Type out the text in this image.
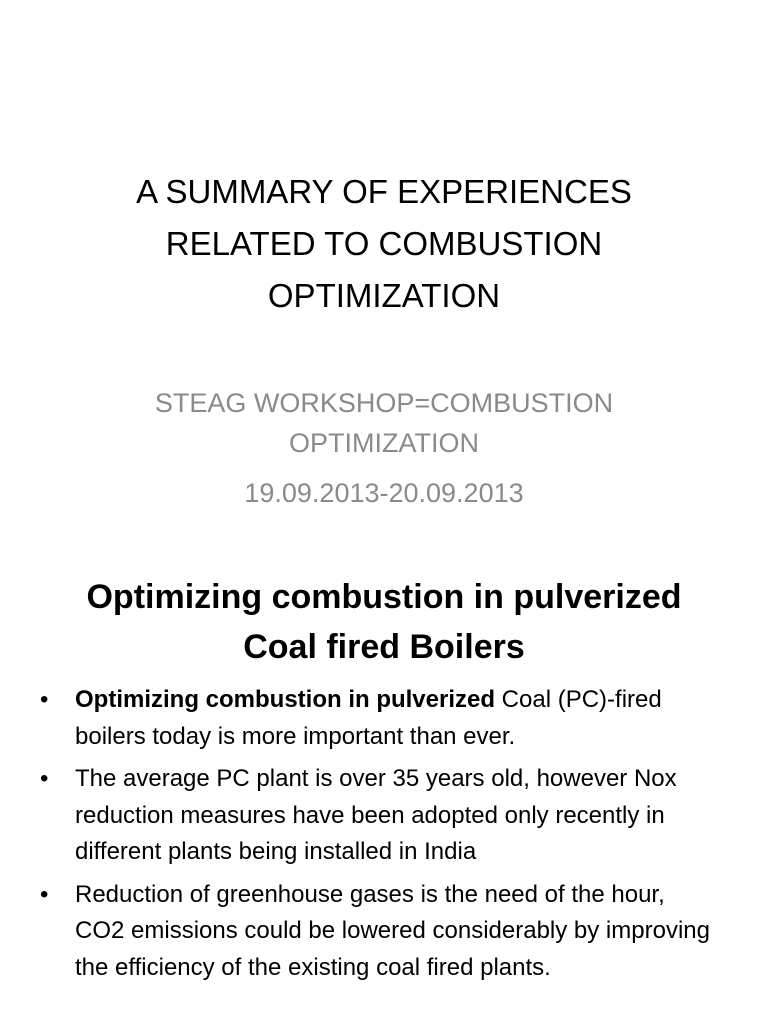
A SUMMARY OF EXPERIENCES
RELATED TO COMBUSTION
OPTIMIZATION
STEAG WORKSHOP=COMBUSTION
OPTIMIZATION
19.09.2013-20.09.2013
Optimizing combustion in pulverized
Coal fired Boilers
• Optimizing combustion in pulverized Coal (PC)-fired boilers today is more important than ever.
• The average PC plant is over 35 years old, however Nox reduction measures have been adopted only recently in different plants being installed in India
• Reduction of greenhouse gases is the need of the hour, CO2 emissions could be lowered considerably by improving the efficiency of the existing coal fired plants.
